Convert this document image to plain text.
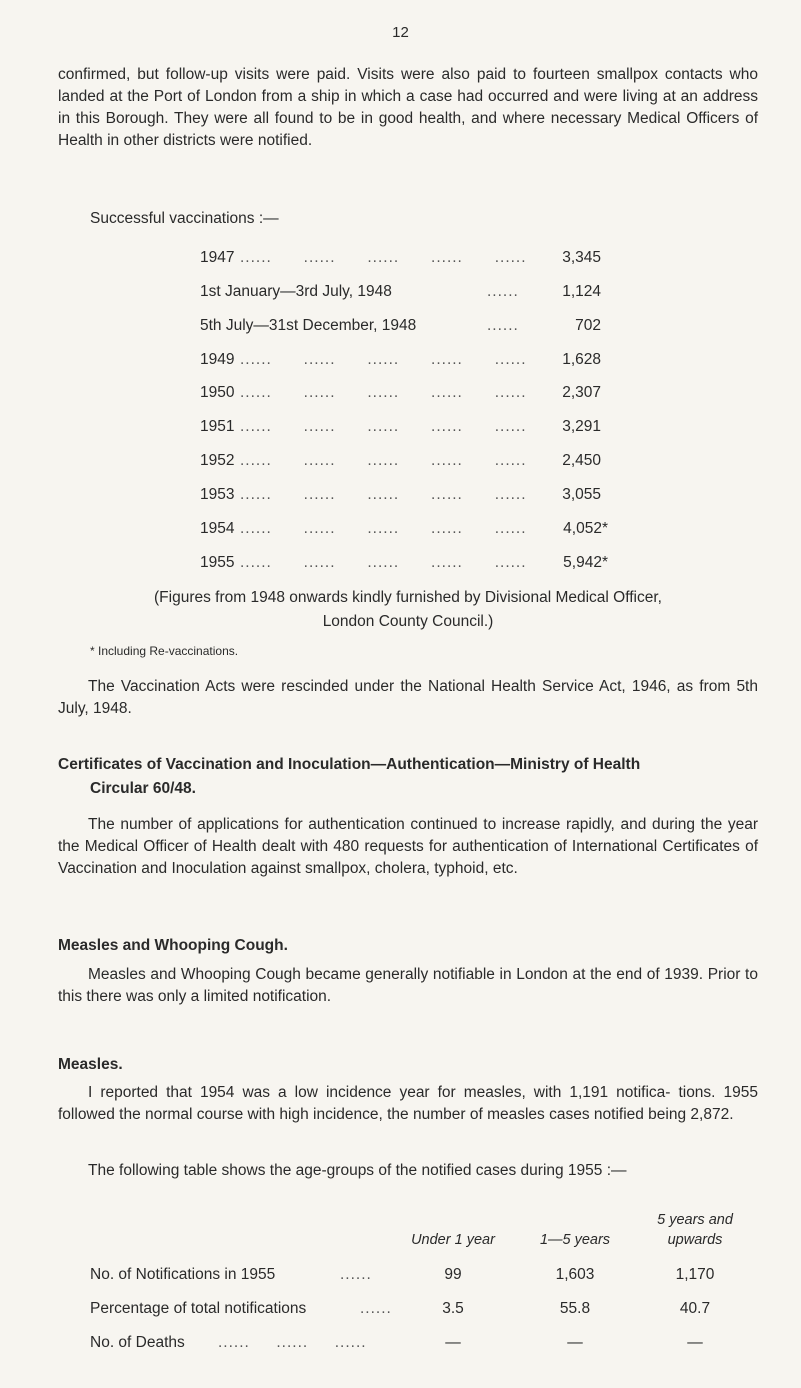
12

confirmed, but follow-up visits were paid. Visits were also paid to fourteen smallpox contacts who landed at the Port of London from a ship in which a case had occurred and were living at an address in this Borough. They were all found to be in good health, and where necessary Medical Officers of Health in other districts were notified.

Successful vaccinations :—
1947 ......      ......      ......      ......      ......	3,345
1st January—3rd July, 1948	......	1,124
5th July—31st December, 1948	......	702
1949 ......      ......      ......      ......      ......	1,628
1950 ......      ......      ......      ......      ......	2,307
1951 ......      ......      ......      ......      ......	3,291
1952 ......      ......      ......      ......      ......	2,450
1953 ......      ......      ......      ......      ......	3,055
1954 ......      ......      ......      ......      ......	4,052*
1955 ......      ......      ......      ......      ......	5,942*
(Figures from 1948 onwards kindly furnished by Divisional Medical Officer,
London County Council.)
* Including Re-vaccinations.

The Vaccination Acts were rescinded under the National Health Service Act, 1946, as from 5th July, 1948.

Certificates of Vaccination and Inoculation—Authentication—Ministry of Health
Circular 60/48.

The number of applications for authentication continued to increase rapidly, and during the year the Medical Officer of Health dealt with 480 requests for authentication of International Certificates of Vaccination and Inoculation against smallpox, cholera, typhoid, etc.

Measles and Whooping Cough.

Measles and Whooping Cough became generally notifiable in London at the end of 1939. Prior to this there was only a limited notification.

Measles.

I reported that 1954 was a low incidence year for measles, with 1,191 notifica- tions. 1955 followed the normal course with high incidence, the number of measles cases notified being 2,872.

The following table shows the age-groups of the notified cases during 1955 :—

5 years and
Under 1 year	1—5 years	upwards
No. of Notifications in 1955	......	99	1,603	1,170
Percentage of total notifications	......	3.5	55.8	40.7
No. of Deaths ......     ......     ......	—	—	—
